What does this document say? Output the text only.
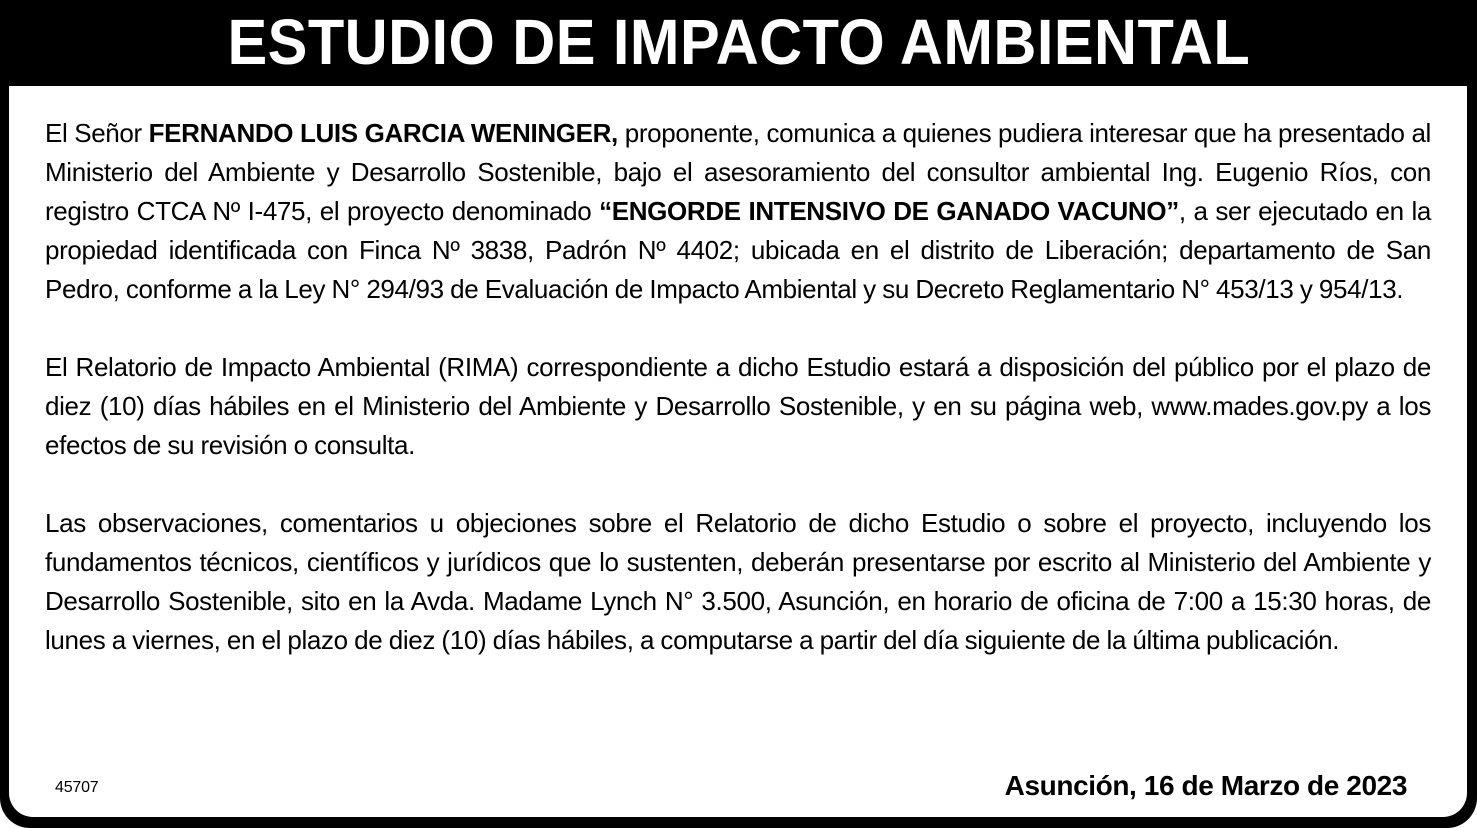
ESTUDIO DE IMPACTO AMBIENTAL

El Señor FERNANDO LUIS GARCIA WENINGER, proponente, comunica a quienes pudiera interesar que ha presentado al Ministerio del Ambiente y Desarrollo Sostenible, bajo el asesoramiento del consultor ambiental Ing. Eugenio Ríos, con registro CTCA Nº I-475, el proyecto denominado “ENGORDE INTENSIVO DE GANADO VACUNO”, a ser ejecutado en la propiedad identificada con Finca Nº 3838, Padrón Nº 4402; ubicada en el distrito de Liberación; departamento de San Pedro, conforme a la Ley N° 294/93 de Evaluación de Impacto Ambiental y su Decreto Reglamentario N° 453/13 y 954/13.

El Relatorio de Impacto Ambiental (RIMA) correspondiente a dicho Estudio estará a disposición del público por el plazo de diez (10) días hábiles en el Ministerio del Ambiente y Desarrollo Sostenible, y en su página web, www.mades.gov.py a los efectos de su revisión o consulta.

Las observaciones, comentarios u objeciones sobre el Relatorio de dicho Estudio o sobre el proyecto, incluyendo los fundamentos técnicos, científicos y jurídicos que lo sustenten, deberán presentarse por escrito al Ministerio del Ambiente y Desarrollo Sostenible, sito en la Avda. Madame Lynch N° 3.500, Asunción, en horario de oficina de 7:00 a 15:30 horas, de lunes a viernes, en el plazo de diez (10) días hábiles, a computarse a partir del día siguiente de la última publicación.

45707	Asunción, 16 de Marzo de 2023
